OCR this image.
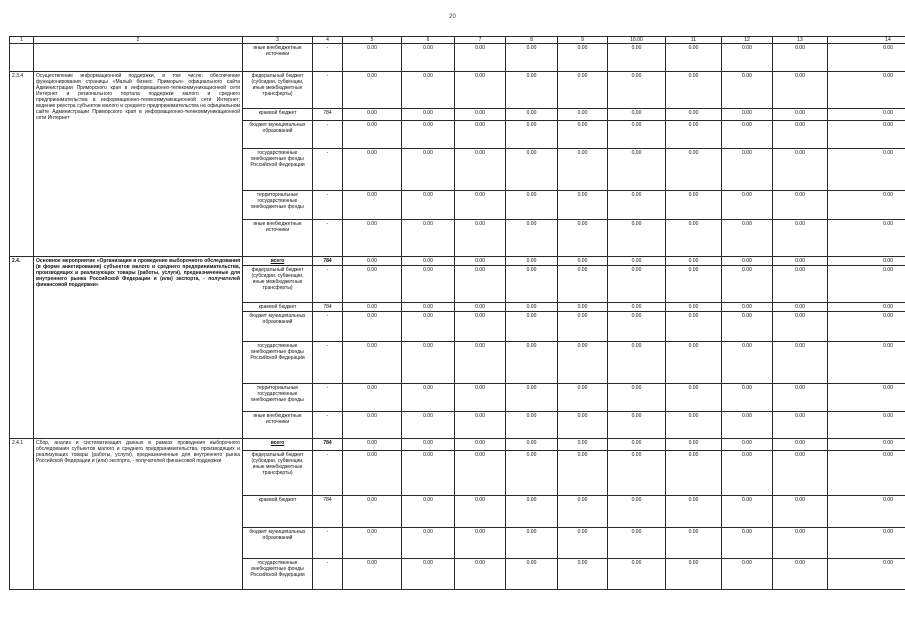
20
1	2	3	4	5	6	7	8	9	10.00	11	12	13	14
		иные внебюджетные источники	-	0.00	0.00	0.00	0.00	0.00	0.00	0.00	0.00	0.00	0.00
2.3.4	Осуществление информационной поддержки, в том числе: обеспечение функционирования страницы «Малый бизнес Приморья» официального сайта Администрации Приморского края в информационно-телекоммуникационной сети Интернет и регионального портала поддержки малого и среднего предпринимательства в информационно-телекоммуникационной сети Интернет; ведение реестра субъектов малого и среднего предпринимательства на официальном сайте Администрации Приморского края в информационно-телекоммуникационной сети Интернет	федеральный бюджет (субсидии, субвенции, иные межбюджетные трансферты)	-	0.00	0.00	0.00	0.00	0.00	0.00	0.00	0.00	0.00	0.00
		краевой бюджет	784	0.00	0.00	0.00	0.00	0.00	0.00	0.00	0.00	0.00	0.00
		бюджет муниципальных образований	-	0.00	0.00	0.00	0.00	0.00	0.00	0.00	0.00	0.00	0.00
		государственные внебюджетные фонды Российской Федерации	-	0.00	0.00	0.00	0.00	0.00	0.00	0.00	0.00	0.00	0.00
		территориальные государственные внебюджетные фонды	-	0.00	0.00	0.00	0.00	0.00	0.00	0.00	0.00	0.00	0.00
		иные внебюджетные источники	-	0.00	0.00	0.00	0.00	0.00	0.00	0.00	0.00	0.00	0.00
2.4.	Основное мероприятие «Организация и проведение выборочного обследования (в форме анкетирования) субъектов малого и среднего предпринимательства, производящих и реализующих товары (работы, услуги), предназначенные для внутреннего рынка Российской Федерации и (или) экспорта, - получателей финансовой поддержки»	всего	784	0.00	0.00	0.00	0.00	0.00	0.00	0.00	0.00	0.00	0.00
		федеральный бюджет (субсидии, субвенции, иные межбюджетные трансферты)	-	0.00	0.00	0.00	0.00	0.00	0.00	0.00	0.00	0.00	0.00
		краевой бюджет	784	0.00	0.00	0.00	0.00	0.00	0.00	0.00	0.00	0.00	0.00
		бюджет муниципальных образований	-	0.00	0.00	0.00	0.00	0.00	0.00	0.00	0.00	0.00	0.00
		государственные внебюджетные фонды Российской Федерации	-	0.00	0.00	0.00	0.00	0.00	0.00	0.00	0.00	0.00	0.00
		территориальные государственные внебюджетные фонды	-	0.00	0.00	0.00	0.00	0.00	0.00	0.00	0.00	0.00	0.00
		иные внебюджетные источники	-	0.00	0.00	0.00	0.00	0.00	0.00	0.00	0.00	0.00	0.00
2.4.1	Сбор, анализ и систематизация данных в рамках проведения выборочного обследования субъектов малого и среднего предпринимательства, производящих и реализующих товары (работы, услуги), предназначенные для внутреннего рынка Российской Федерации и (или) экспорта, - получателей финансовой поддержки	всего	784	0.00	0.00	0.00	0.00	0.00	0.00	0.00	0.00	0.00	0.00
		федеральный бюджет (субсидии, субвенции, иные межбюджетные трансферты)	-	0.00	0.00	0.00	0.00	0.00	0.00	0.00	0.00	0.00	0.00
		краевой бюджет	784	0.00	0.00	0.00	0.00	0.00	0.00	0.00	0.00	0.00	0.00
		бюджет муниципальных образований	-	0.00	0.00	0.00	0.00	0.00	0.00	0.00	0.00	0.00	0.00
		государственные внебюджетные фонды Российской Федерации	-	0.00	0.00	0.00	0.00	0.00	0.00	0.00	0.00	0.00	0.00
